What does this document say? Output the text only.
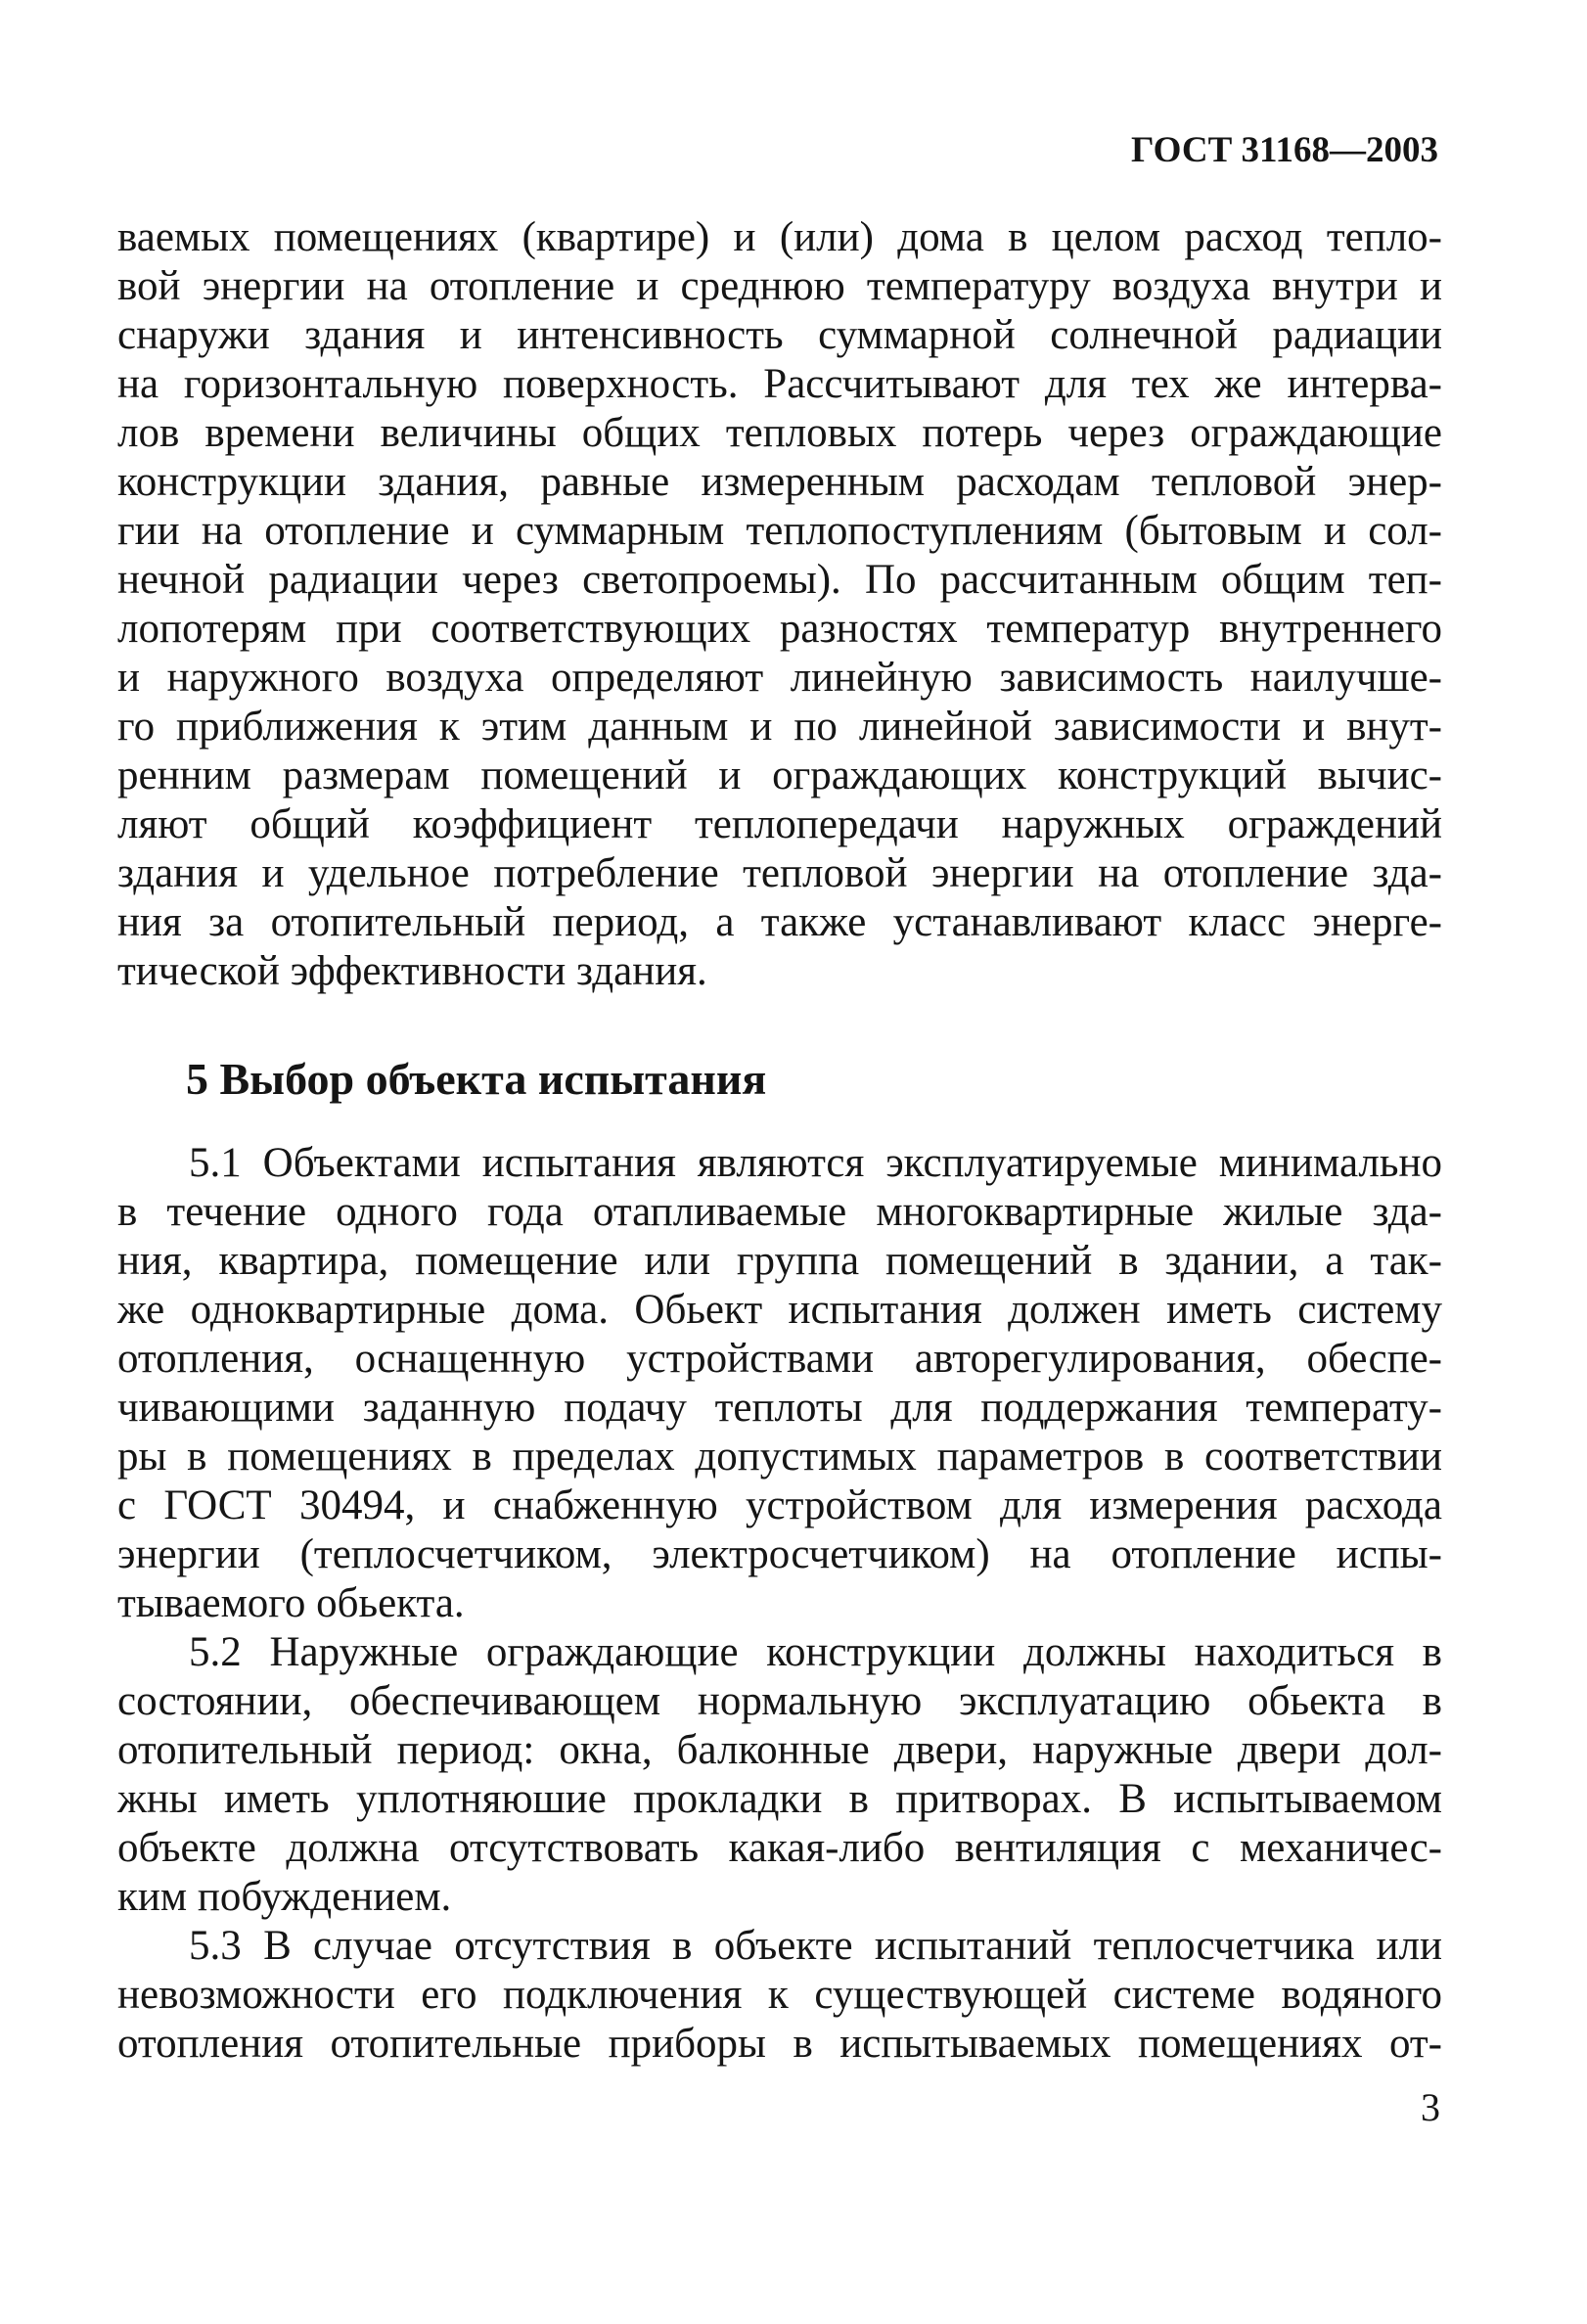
ГОСТ 31168—2003
ваемых помещениях (квартире) и (или) дома в целом расход тепло-
вой энергии на отопление и среднюю температуру воздуха внутри и
снаружи здания и интенсивность суммарной солнечной радиации
на горизонтальную поверхность. Рассчитывают для тех же интерва-
лов времени величины общих тепловых потерь через ограждающие
конструкции здания, равные измеренным расходам тепловой энер-
гии на отопление и суммарным теплопоступлениям (бытовым и сол-
нечной радиации через светопроемы). По рассчитанным общим теп-
лопотерям при соответствующих разностях температур внутреннего
и наружного воздуха определяют линейную зависимость наилучше-
го приближения к этим данным и по линейной зависимости и внут-
ренним размерам помещений и ограждающих конструкций вычис-
ляют общий коэффициент теплопередачи наружных ограждений
здания и удельное потребление тепловой энергии на отопление зда-
ния за отопительный период, а также устанавливают класс энерге-
тической эффективности здания.
5 Выбор объекта испытания
5.1 Объектами испытания являются эксплуатируемые минимально
в течение одного года отапливаемые многоквартирные жилые зда-
ния, квартира, помещение или группа помещений в здании, а так-
же одноквартирные дома. Обьект испытания должен иметь систему
отопления, оснащенную устройствами авторегулирования, обеспе-
чивающими заданную подачу теплоты для поддержания температу-
ры в помещениях в пределах допустимых параметров в соответствии
с ГОСТ 30494, и снабженную устройством для измерения расхода
энергии (теплосчетчиком, электросчетчиком) на отопление испы-
тываемого обьекта.
5.2 Наружные ограждающие конструкции должны находиться в
состоянии, обеспечивающем нормальную эксплуатацию обьекта в
отопительный период: окна, балконные двери, наружные двери дол-
жны иметь уплотняюшие прокладки в притворах. В испытываемом
объекте должна отсутствовать какая-либо вентиляция с механичес-
ким побуждением.
5.3 В случае отсутствия в объекте испытаний теплосчетчика или
невозможности его подключения к существующей системе водяного
отопления отопительные приборы в испытываемых помещениях от-
3
